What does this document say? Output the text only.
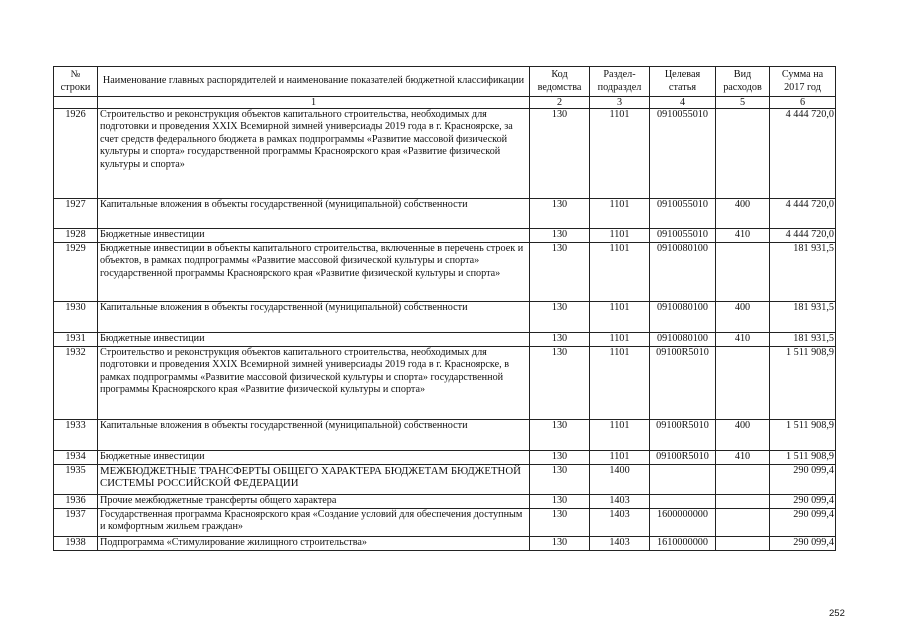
№ строки	Наименование главных распорядителей и наименование показателей бюджетной классификации	Код ведомства	Раздел-подраздел	Целевая статья	Вид расходов	Сумма на 2017 год
	1	2	3	4	5	6
1926	Строительство и реконструкция объектов капитального строительства, необходимых для подготовки и проведения XXIX Всемирной зимней универсиады 2019 года в г. Красноярске, за счет средств федерального бюджета в рамках подпрограммы «Развитие массовой физической культуры и спорта» государственной программы Красноярского края «Развитие физической культуры и спорта»	130	1101	0910055010		4 444 720,0
1927	Капитальные вложения в объекты государственной (муниципальной) собственности	130	1101	0910055010	400	4 444 720,0
1928	Бюджетные инвестиции	130	1101	0910055010	410	4 444 720,0
1929	Бюджетные инвестиции в объекты капитального строительства, включенные в перечень строек и объектов, в рамках подпрограммы «Развитие массовой физической культуры и спорта» государственной программы Красноярского края «Развитие физической культуры и спорта»	130	1101	0910080100		181 931,5
1930	Капитальные вложения в объекты государственной (муниципальной) собственности	130	1101	0910080100	400	181 931,5
1931	Бюджетные инвестиции	130	1101	0910080100	410	181 931,5
1932	Строительство и реконструкция объектов капитального строительства, необходимых для подготовки и проведения XXIX Всемирной зимней универсиады 2019 года в г. Красноярске, в рамках подпрограммы «Развитие массовой физической культуры и спорта» государственной программы Красноярского края «Развитие физической культуры и спорта»	130	1101	09100R5010		1 511 908,9
1933	Капитальные вложения в объекты государственной (муниципальной) собственности	130	1101	09100R5010	400	1 511 908,9
1934	Бюджетные инвестиции	130	1101	09100R5010	410	1 511 908,9
1935	МЕЖБЮДЖЕТНЫЕ ТРАНСФЕРТЫ ОБЩЕГО ХАРАКТЕРА БЮДЖЕТАМ БЮДЖЕТНОЙ СИСТЕМЫ РОССИЙСКОЙ ФЕДЕРАЦИИ	130	1400			290 099,4
1936	Прочие межбюджетные трансферты общего характера	130	1403			290 099,4
1937	Государственная программа Красноярского края «Создание условий для обеспечения доступным и комфортным жильем граждан»	130	1403	1600000000		290 099,4
1938	Подпрограмма «Стимулирование жилищного строительства»	130	1403	1610000000		290 099,4
252
